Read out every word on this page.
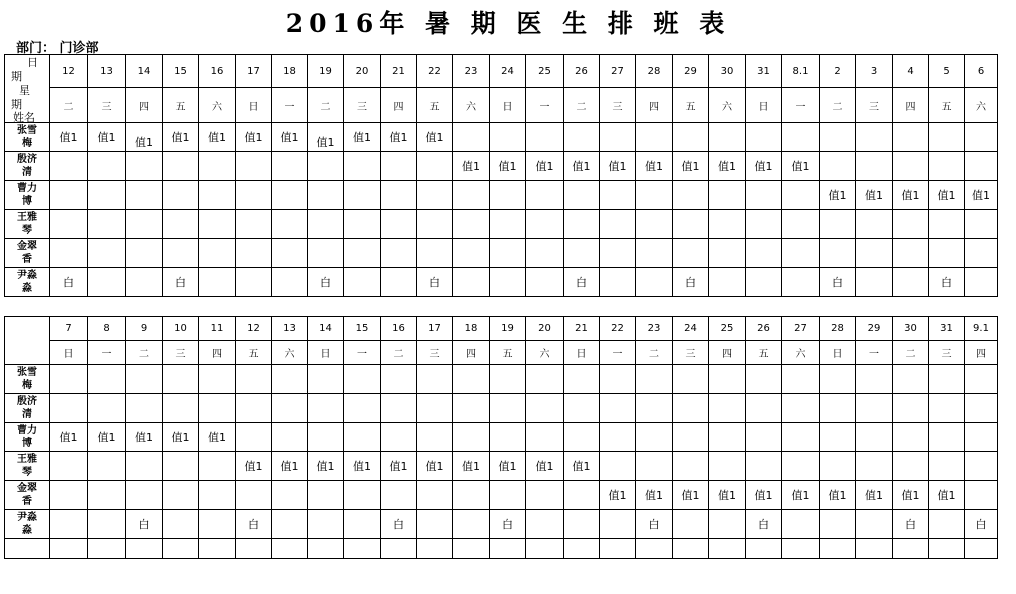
2016年 暑 期 医 生 排 班 表
部门： 门诊部
日
期
星
期
姓名	12	13	14	15	16	17	18	19	20	21	22	23	24	25	26	27	28	29	30	31	8.1	2	3	4	5	6
	二	三	四	五	六	日	一	二	三	四	五	六	日	一	二	三	四	五	六	日	一	二	三	四	五	六

张雪
梅	值1	值1	值1	值1	值1	值1	值1	值1	值1	值1	值1															

殷济
清												值1	值1	值1	值1	值1	值1	值1	值1	值1	值1					

曹力
博																						值1	值1	值1	值1	值1

王雅
琴																										

金翠
香																										

尹淼
淼	白			白				白			白				白			白				白			白	
	7	8	9	10	11	12	13	14	15	16	17	18	19	20	21	22	23	24	25	26	27	28	29	30	31	9.1
	日	一	二	三	四	五	六	日	一	二	三	四	五	六	日	一	二	三	四	五	六	日	一	二	三	四

张雪
梅																										

殷济
清																										

曹力
博	值1	值1	值1	值1	值1																					

王雅
琴						值1	值1	值1	值1	值1	值1	值1	值1	值1	值1											

金翠
香																值1	值1	值1	值1	值1	值1	值1	值1	值1	值1	

尹淼
淼			白			白				白			白				白			白				白		白
